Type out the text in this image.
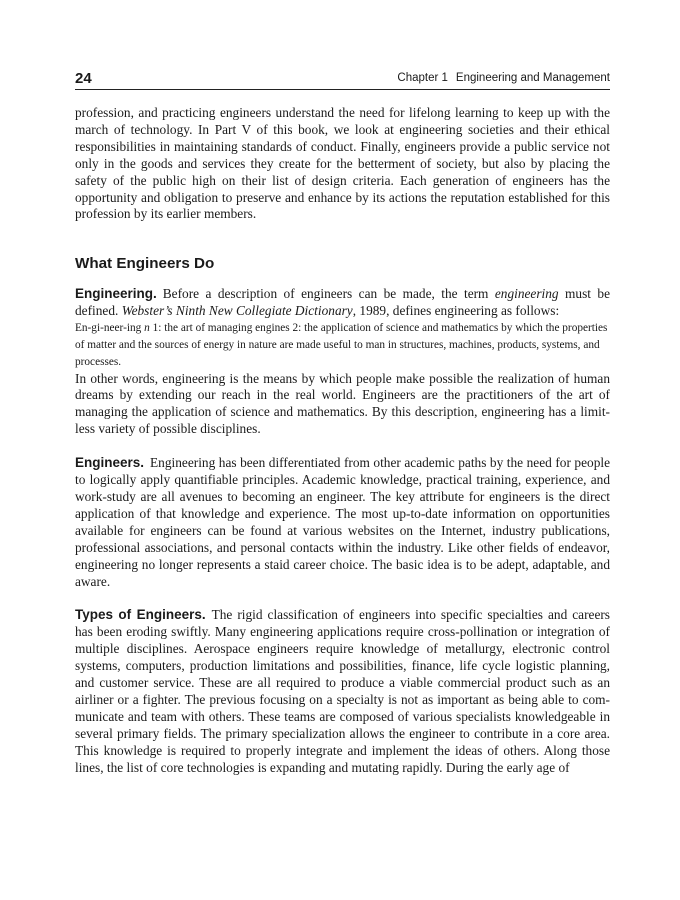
24	Chapter 1 Engineering and Management

profession, and practicing engineers understand the need for lifelong learning to keep up with the march of technology. In Part V of this book, we look at engineering societies and their ethical responsibilities in maintaining standards of conduct. Finally, engineers provide a public service not only in the goods and services they create for the betterment of society, but also by placing the safety of the public high on their list of design criteria. Each generation of engineers has the opportunity and obligation to preserve and enhance by its actions the reputation established for this profession by its earlier members.

What Engineers Do

Engineering. Before a description of engineers can be made, the term engineering must be defined. Webster’s Ninth New Collegiate Dictionary, 1989, defines engineering as follows:

En-gi-neer-ing n 1: the art of managing engines 2: the application of science and mathematics by which the properties of matter and the sources of energy in nature are made useful to man in structures, machines, products, systems, and processes.

In other words, engineering is the means by which people make possible the realization of human dreams by extending our reach in the real world. Engineers are the practitioners of the art of managing the application of science and mathematics. By this description, engineering has a limitless variety of possible disciplines.

Engineers. Engineering has been differentiated from other academic paths by the need for people to logically apply quantifiable principles. Academic knowledge, practical training, experience, and work-study are all avenues to becoming an engineer. The key attribute for engineers is the direct application of that knowledge and experience. The most up-to-date information on opportunities available for engineers can be found at various websites on the Internet, industry publications, professional associations, and personal contacts within the industry. Like other fields of endeavor, engineering no longer represents a staid career choice. The basic idea is to be adept, adaptable, and aware.

Types of Engineers. The rigid classification of engineers into specific specialties and careers has been eroding swiftly. Many engineering applications require cross-pollination or integration of multiple disciplines. Aerospace engineers require knowledge of metallurgy, electronic control systems, computers, production limitations and possibilities, finance, life cycle logistic planning, and customer service. These are all required to produce a viable commercial product such as an airliner or a fighter. The previous focusing on a specialty is not as important as being able to communicate and team with others. These teams are composed of various specialists knowledgeable in several primary fields. The primary specialization allows the engineer to contribute in a core area. This knowledge is required to properly integrate and implement the ideas of others. Along those lines, the list of core technologies is expanding and mutating rapidly. During the early age of
